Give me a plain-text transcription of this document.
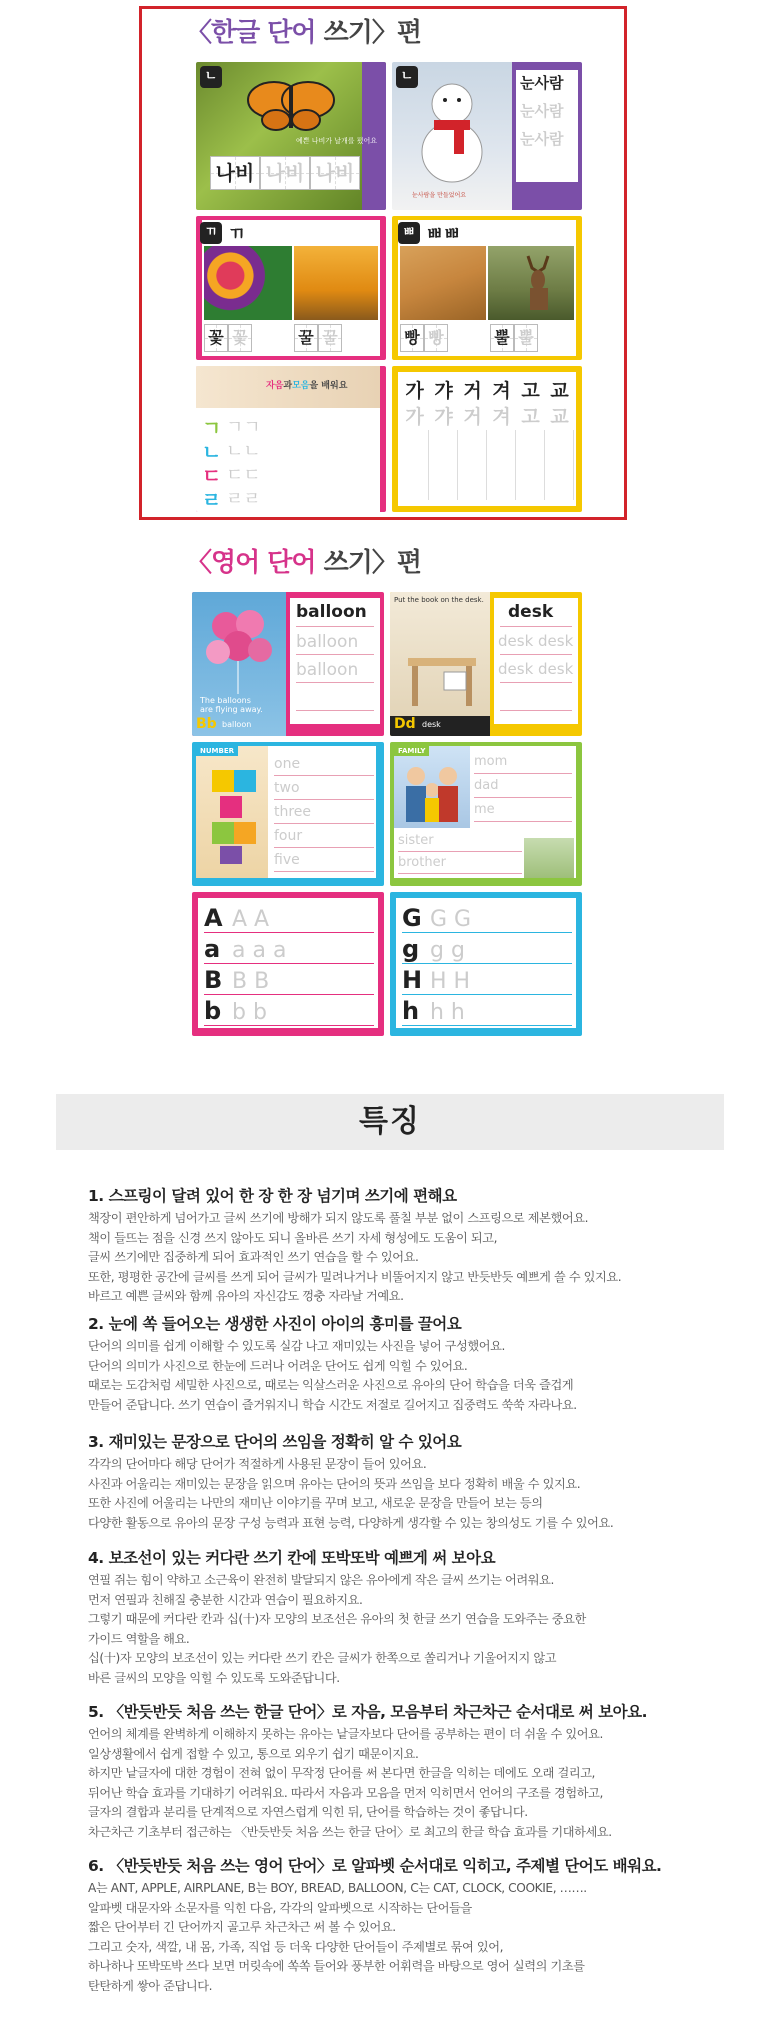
〈한글 단어 쓰기〉편
ㄴ
예쁜 나비가 날개를 폈어요
나비 나비 나비
ㄴ
눈사람을 만들었어요
눈사람
눈사람
눈사람
ㄲ ㄲ
꽃 꽃	꿀 꿀
ㅃ ㅃㅃ
빵 빵	뿔 뿔
자음과모음을 배워요
ㄱ ㄱㄱ
ㄴ ㄴㄴ
ㄷ ㄷㄷ
ㄹ ㄹㄹ
가 갸 거 겨 고 교
가 갸 거 겨 고 교
〈영어 단어 쓰기〉편
The balloons
are flying away.
Bb balloon
balloon
balloon
balloon
Put the book on the desk.
Dd desk
desk
desk desk
desk desk
NUMBER
one
two
three
four
five
FAMILY
mom
dad
me
sister
brother
A A A
a a a a
B B B
b b b
G G G
g g g
H H H
h h h
특징
1. 스프링이 달려 있어 한 장 한 장 넘기며 쓰기에 편해요

책장이 편안하게 넘어가고 글씨 쓰기에 방해가 되지 않도록 풀칠 부분 없이 스프링으로 제본했어요.

책이 들뜨는 점을 신경 쓰지 않아도 되니 올바른 쓰기 자세 형성에도 도움이 되고,

글씨 쓰기에만 집중하게 되어 효과적인 쓰기 연습을 할 수 있어요.

또한, 평평한 공간에 글씨를 쓰게 되어 글씨가 밀려나거나 비뚤어지지 않고 반듯반듯 예쁘게 쓸 수 있지요.

바르고 예쁜 글씨와 함께 유아의 자신감도 껑충 자라날 거예요.

2. 눈에 쏙 들어오는 생생한 사진이 아이의 흥미를 끌어요

단어의 의미를 쉽게 이해할 수 있도록 실감 나고 재미있는 사진을 넣어 구성했어요.

단어의 의미가 사진으로 한눈에 드러나 어려운 단어도 쉽게 익힐 수 있어요.

때로는 도감처럼 세밀한 사진으로, 때로는 익살스러운 사진으로 유아의 단어 학습을 더욱 즐겁게

만들어 준답니다. 쓰기 연습이 즐거워지니 학습 시간도 저절로 길어지고 집중력도 쑥쑥 자라나요.

3. 재미있는 문장으로 단어의 쓰임을 정확히 알 수 있어요

각각의 단어마다 해당 단어가 적절하게 사용된 문장이 들어 있어요.

사진과 어울리는 재미있는 문장을 읽으며 유아는 단어의 뜻과 쓰임을 보다 정확히 배울 수 있지요.

또한 사진에 어울리는 나만의 재미난 이야기를 꾸며 보고, 새로운 문장을 만들어 보는 등의

다양한 활동으로 유아의 문장 구성 능력과 표현 능력, 다양하게 생각할 수 있는 창의성도 기를 수 있어요.

4. 보조선이 있는 커다란 쓰기 칸에 또박또박 예쁘게 써 보아요

연필 쥐는 힘이 약하고 소근육이 완전히 발달되지 않은 유아에게 작은 글씨 쓰기는 어려워요.

먼저 연필과 친해질 충분한 시간과 연습이 필요하지요.

그렇기 때문에 커다란 칸과 십(十)자 모양의 보조선은 유아의 첫 한글 쓰기 연습을 도와주는 중요한

가이드 역할을 해요.

십(十)자 모양의 보조선이 있는 커다란 쓰기 칸은 글씨가 한쪽으로 쏠리거나 기울어지지 않고

바른 글씨의 모양을 익힐 수 있도록 도와준답니다.

5. 〈반듯반듯 처음 쓰는 한글 단어〉로 자음, 모음부터 차근차근 순서대로 써 보아요.

언어의 체계를 완벽하게 이해하지 못하는 유아는 낱글자보다 단어를 공부하는 편이 더 쉬울 수 있어요.

일상생활에서 쉽게 접할 수 있고, 통으로 외우기 쉽기 때문이지요.

하지만 낱글자에 대한 경험이 전혀 없이 무작정 단어를 써 본다면 한글을 익히는 데에도 오래 걸리고,

뒤어난 학습 효과를 기대하기 어려워요. 따라서 자음과 모음을 먼저 익히면서 언어의 구조를 경험하고,

글자의 결합과 분리를 단계적으로 자연스럽게 익힌 뒤, 단어를 학습하는 것이 좋답니다.

차근차근 기초부터 접근하는 〈반듯반듯 처음 쓰는 한글 단어〉로 최고의 한글 학습 효과를 기대하세요.

6. 〈반듯반듯 처음 쓰는 영어 단어〉로 알파벳 순서대로 익히고, 주제별 단어도 배워요.

A는 ANT, APPLE, AIRPLANE, B는 BOY, BREAD, BALLOON, C는 CAT, CLOCK, COOKIE, …….

알파벳 대문자와 소문자를 익힌 다음, 각각의 알파벳으로 시작하는 단어들을

짧은 단어부터 긴 단어까지 골고루 차근차근 써 볼 수 있어요.

그리고 숫자, 색깔, 내 몸, 가족, 직업 등 더욱 다양한 단어들이 주제별로 묶여 있어,

하나하나 또박또박 쓰다 보면 머릿속에 쏙쏙 들어와 풍부한 어휘력을 바탕으로 영어 실력의 기초를

탄탄하게 쌓아 준답니다.
